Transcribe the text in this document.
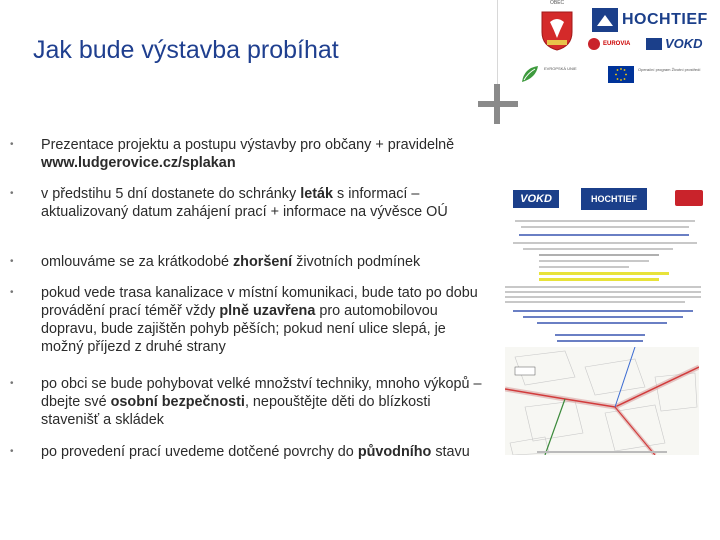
Jak bude výstavba probíhat
OBEC
HOCHTIEF
EUROVIA	VOKD
EVROPSKÁ UNIE	Operační program Životní prostředí
• Prezentace projektu a postupu výstavby pro občany + pravidelně www.ludgerovice.cz/splakan
• v předstihu 5 dní dostanete do schránky leták s informací – aktualizovaný datum zahájení prací + informace na vývěsce OÚ
• omlouváme se za krátkodobé zhoršení životních podmínek
• pokud vede trasa kanalizace v místní komunikaci, bude tato po dobu provádění prací téměř vždy plně uzavřena pro automobilovou dopravu, bude zajištěn pohyb pěších; pokud není ulice slepá, je možný příjezd z druhé strany
• po obci se bude pohybovat velké množství techniky, mnoho výkopů – dbejte své osobní bezpečnosti, nepouštějte děti do blízkosti stavenišť a skládek
• po provedení prací uvedeme dotčené povrchy do původního stavu
VOKD	HOCHTIEF
